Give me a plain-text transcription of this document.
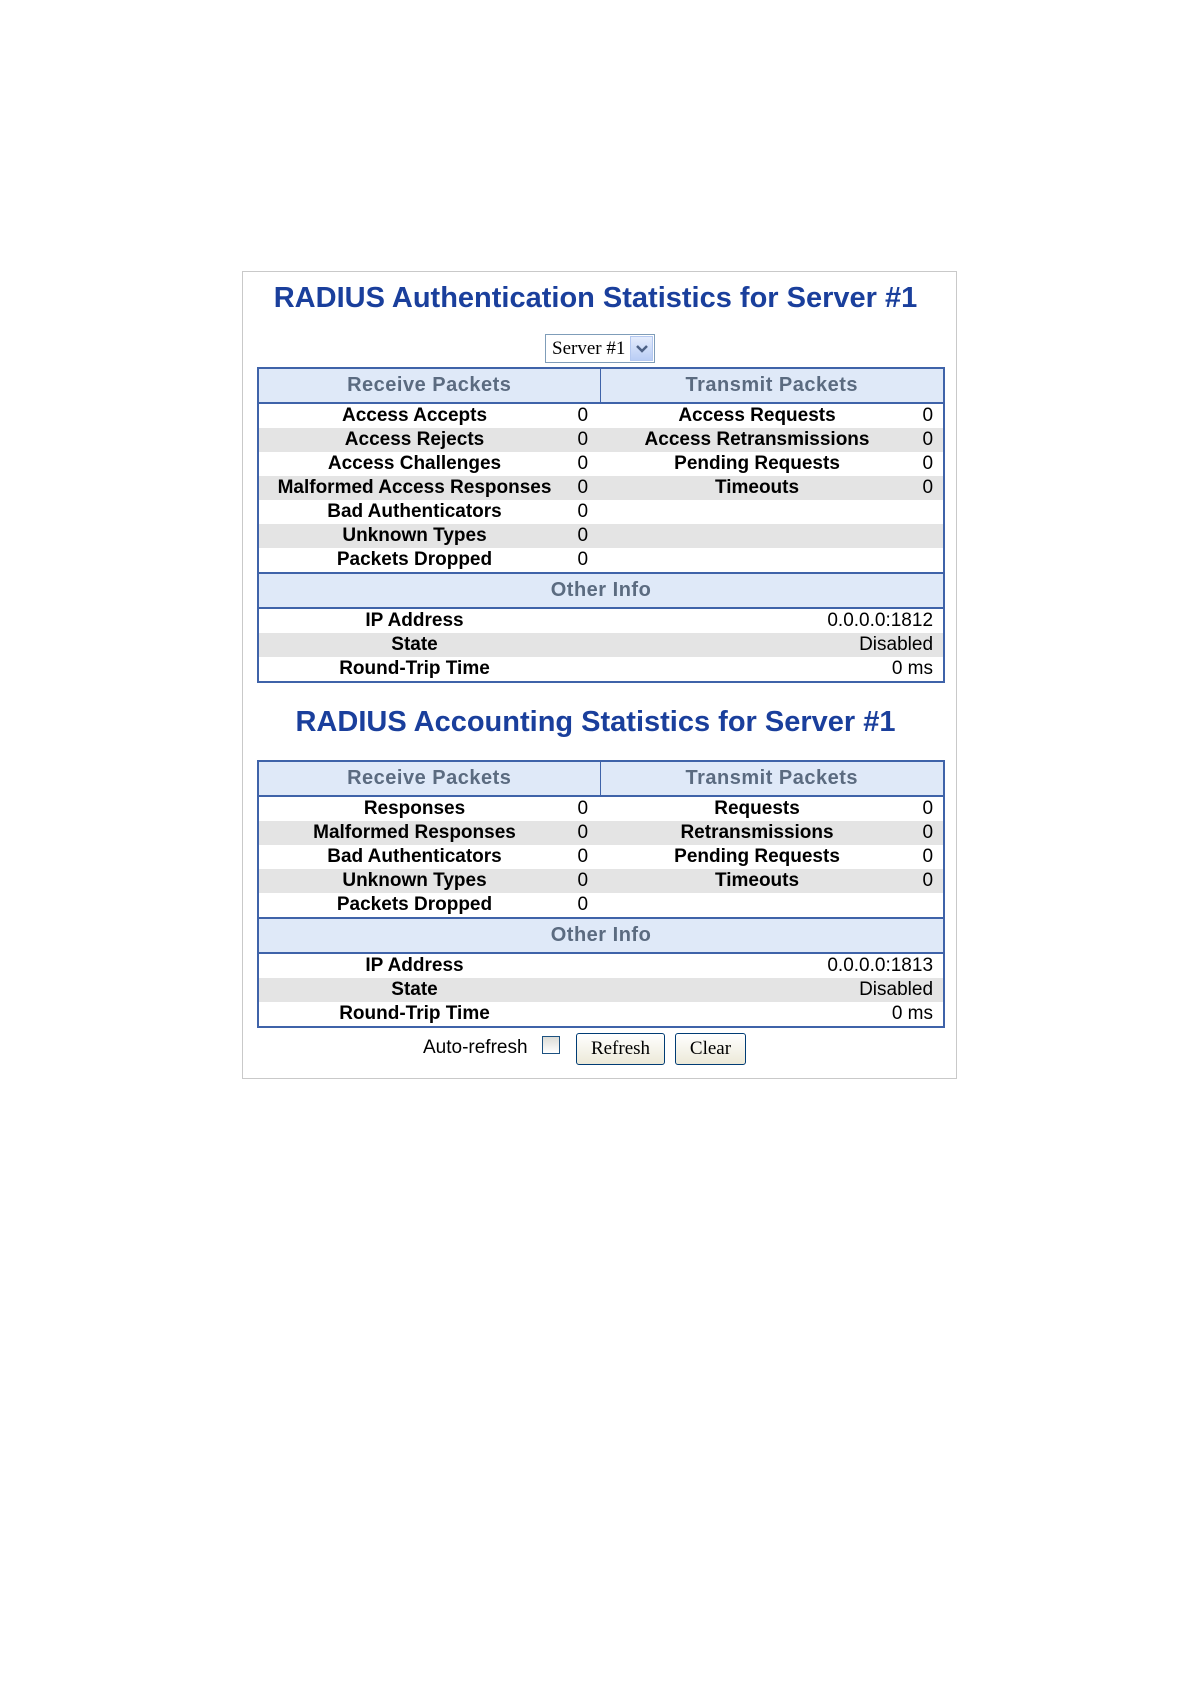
RADIUS Authentication Statistics for Server #1
Server #1
Receive Packets		Transmit Packets	
Access Accepts	0	Access Requests	0
Access Rejects	0	Access Retransmissions	0
Access Challenges	0	Pending Requests	0
Malformed Access Responses	0	Timeouts	0
Bad Authenticators	0		
Unknown Types	0		
Packets Dropped	0		
Other Info			
IP Address	0.0.0.0:1812		
State	Disabled		
Round-Trip Time	0 ms		
RADIUS Accounting Statistics for Server #1
Receive Packets		Transmit Packets	
Responses	0	Requests	0
Malformed Responses	0	Retransmissions	0
Bad Authenticators	0	Pending Requests	0
Unknown Types	0	Timeouts	0
Packets Dropped	0		
Other Info			
IP Address	0.0.0.0:1813		
State	Disabled		
Round-Trip Time	0 ms		
Auto-refresh	Refresh	Clear
